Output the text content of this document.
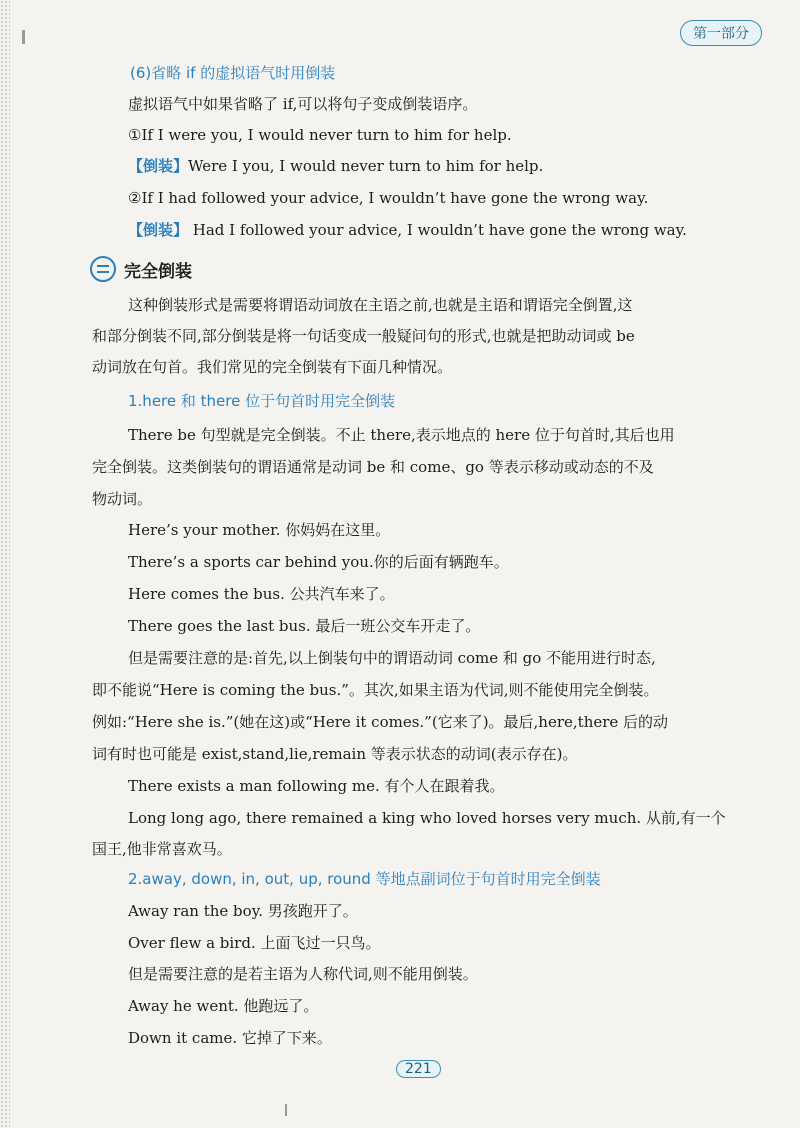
第一部分
(6)省略 if 的虚拟语气时用倒装
虚拟语气中如果省略了 if,可以将句子变成倒装语序。
①If I were you, I would never turn to him for help.
【倒装】Were I you, I would never turn to him for help.
②If I had followed your advice, I wouldn’t have gone the wrong way.
【倒装】 Had I followed your advice, I wouldn’t have gone the wrong way.
完全倒装
这种倒装形式是需要将谓语动词放在主语之前,也就是主语和谓语完全倒置,这
和部分倒装不同,部分倒装是将一句话变成一般疑问句的形式,也就是把助动词或 be
动词放在句首。我们常见的完全倒装有下面几种情况。
1.here 和 there 位于句首时用完全倒装
There be 句型就是完全倒装。不止 there,表示地点的 here 位于句首时,其后也用
完全倒装。这类倒装句的谓语通常是动词 be 和 come、go 等表示移动或动态的不及
物动词。
Here’s your mother. 你妈妈在这里。
There’s a sports car behind you.你的后面有辆跑车。
Here comes the bus. 公共汽车来了。
There goes the last bus. 最后一班公交车开走了。
但是需要注意的是:首先,以上倒装句中的谓语动词 come 和 go 不能用进行时态,
即不能说“Here is coming the bus.”。其次,如果主语为代词,则不能使用完全倒装。
例如:“Here she is.”(她在这)或“Here it comes.”(它来了)。最后,here,there 后的动
词有时也可能是 exist,stand,lie,remain 等表示状态的动词(表示存在)。
There exists a man following me. 有个人在跟着我。
Long long ago, there remained a king who loved horses very much. 从前,有一个
国王,他非常喜欢马。
2.away, down, in, out, up, round 等地点副词位于句首时用完全倒装
Away ran the boy. 男孩跑开了。
Over flew a bird. 上面飞过一只鸟。
但是需要注意的是若主语为人称代词,则不能用倒装。
Away he went. 他跑远了。
Down it came. 它掉了下来。
221
